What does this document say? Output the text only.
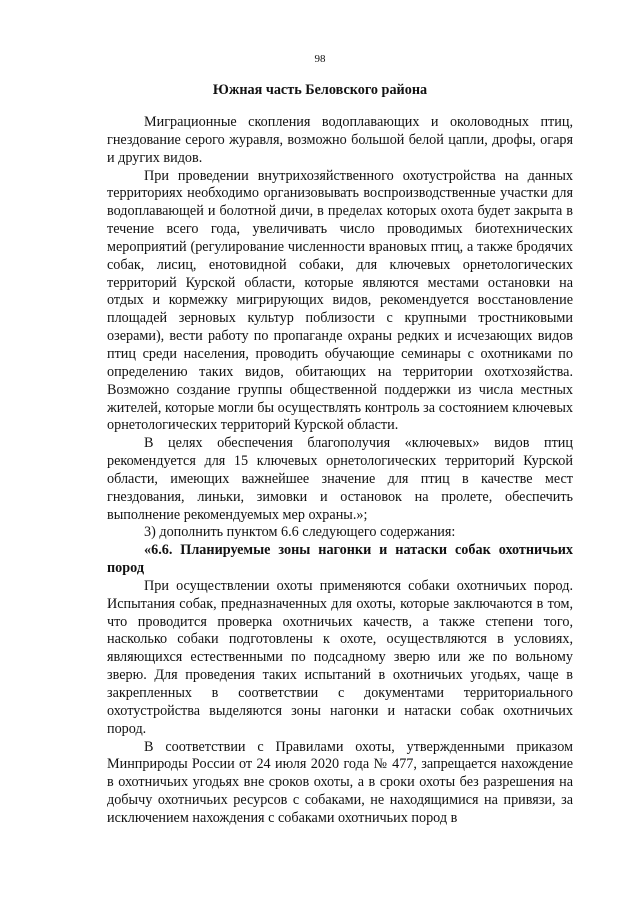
98
Южная часть Беловского района

Миграционные скопления водоплавающих и околоводных птиц, гнездование серого журавля, возможно большой белой цапли, дрофы, огаря и других видов.

При проведении внутрихозяйственного охотустройства на данных территориях необходимо организовывать воспроизводственные участки для водоплавающей и болотной дичи, в пределах которых охота будет закрыта в течение всего года, увеличивать число проводимых биотехнических мероприятий (регулирование численности врановых птиц, а также бродячих собак, лисиц, енотовидной собаки, для ключевых орнетологических территорий Курской области, которые являются местами остановки на отдых и кормежку мигрирующих видов, рекомендуется восстановление площадей зерновых культур поблизости с крупными тростниковыми озерами), вести работу по пропаганде охраны редких и исчезающих видов птиц среди населения, проводить обучающие семинары с охотниками по определению таких видов, обитающих на территории охотхозяйства. Возможно создание группы общественной поддержки из числа местных жителей, которые могли бы осуществлять контроль за состоянием ключевых орнетологических территорий Курской области.

В целях обеспечения благополучия «ключевых» видов птиц рекомендуется для 15 ключевых орнетологических территорий Курской области, имеющих важнейшее значение для птиц в качестве мест гнездования, линьки, зимовки и остановок на пролете, обеспечить выполнение рекомендуемых мер охраны.»;

3) дополнить пунктом 6.6 следующего содержания:

«6.6. Планируемые зоны нагонки и натаски собак охотничьих пород

При осуществлении охоты применяются собаки охотничьих пород. Испытания собак, предназначенных для охоты, которые заключаются в том, что проводится проверка охотничьих качеств, а также степени того, насколько собаки подготовлены к охоте, осуществляются в условиях, являющихся естественными по подсадному зверю или же по вольному зверю. Для проведения таких испытаний в охотничьих угодьях, чаще в закрепленных в соответствии с документами территориального охотустройства выделяются зоны нагонки и натаски собак охотничьих пород.

В соответствии с Правилами охоты, утвержденными приказом Минприроды России от 24 июля 2020 года № 477, запрещается нахождение в охотничьих угодьях вне сроков охоты, а в сроки охоты без разрешения на добычу охотничьих ресурсов с собаками, не находящимися на привязи, за исключением нахождения с собаками охотничьих пород в
